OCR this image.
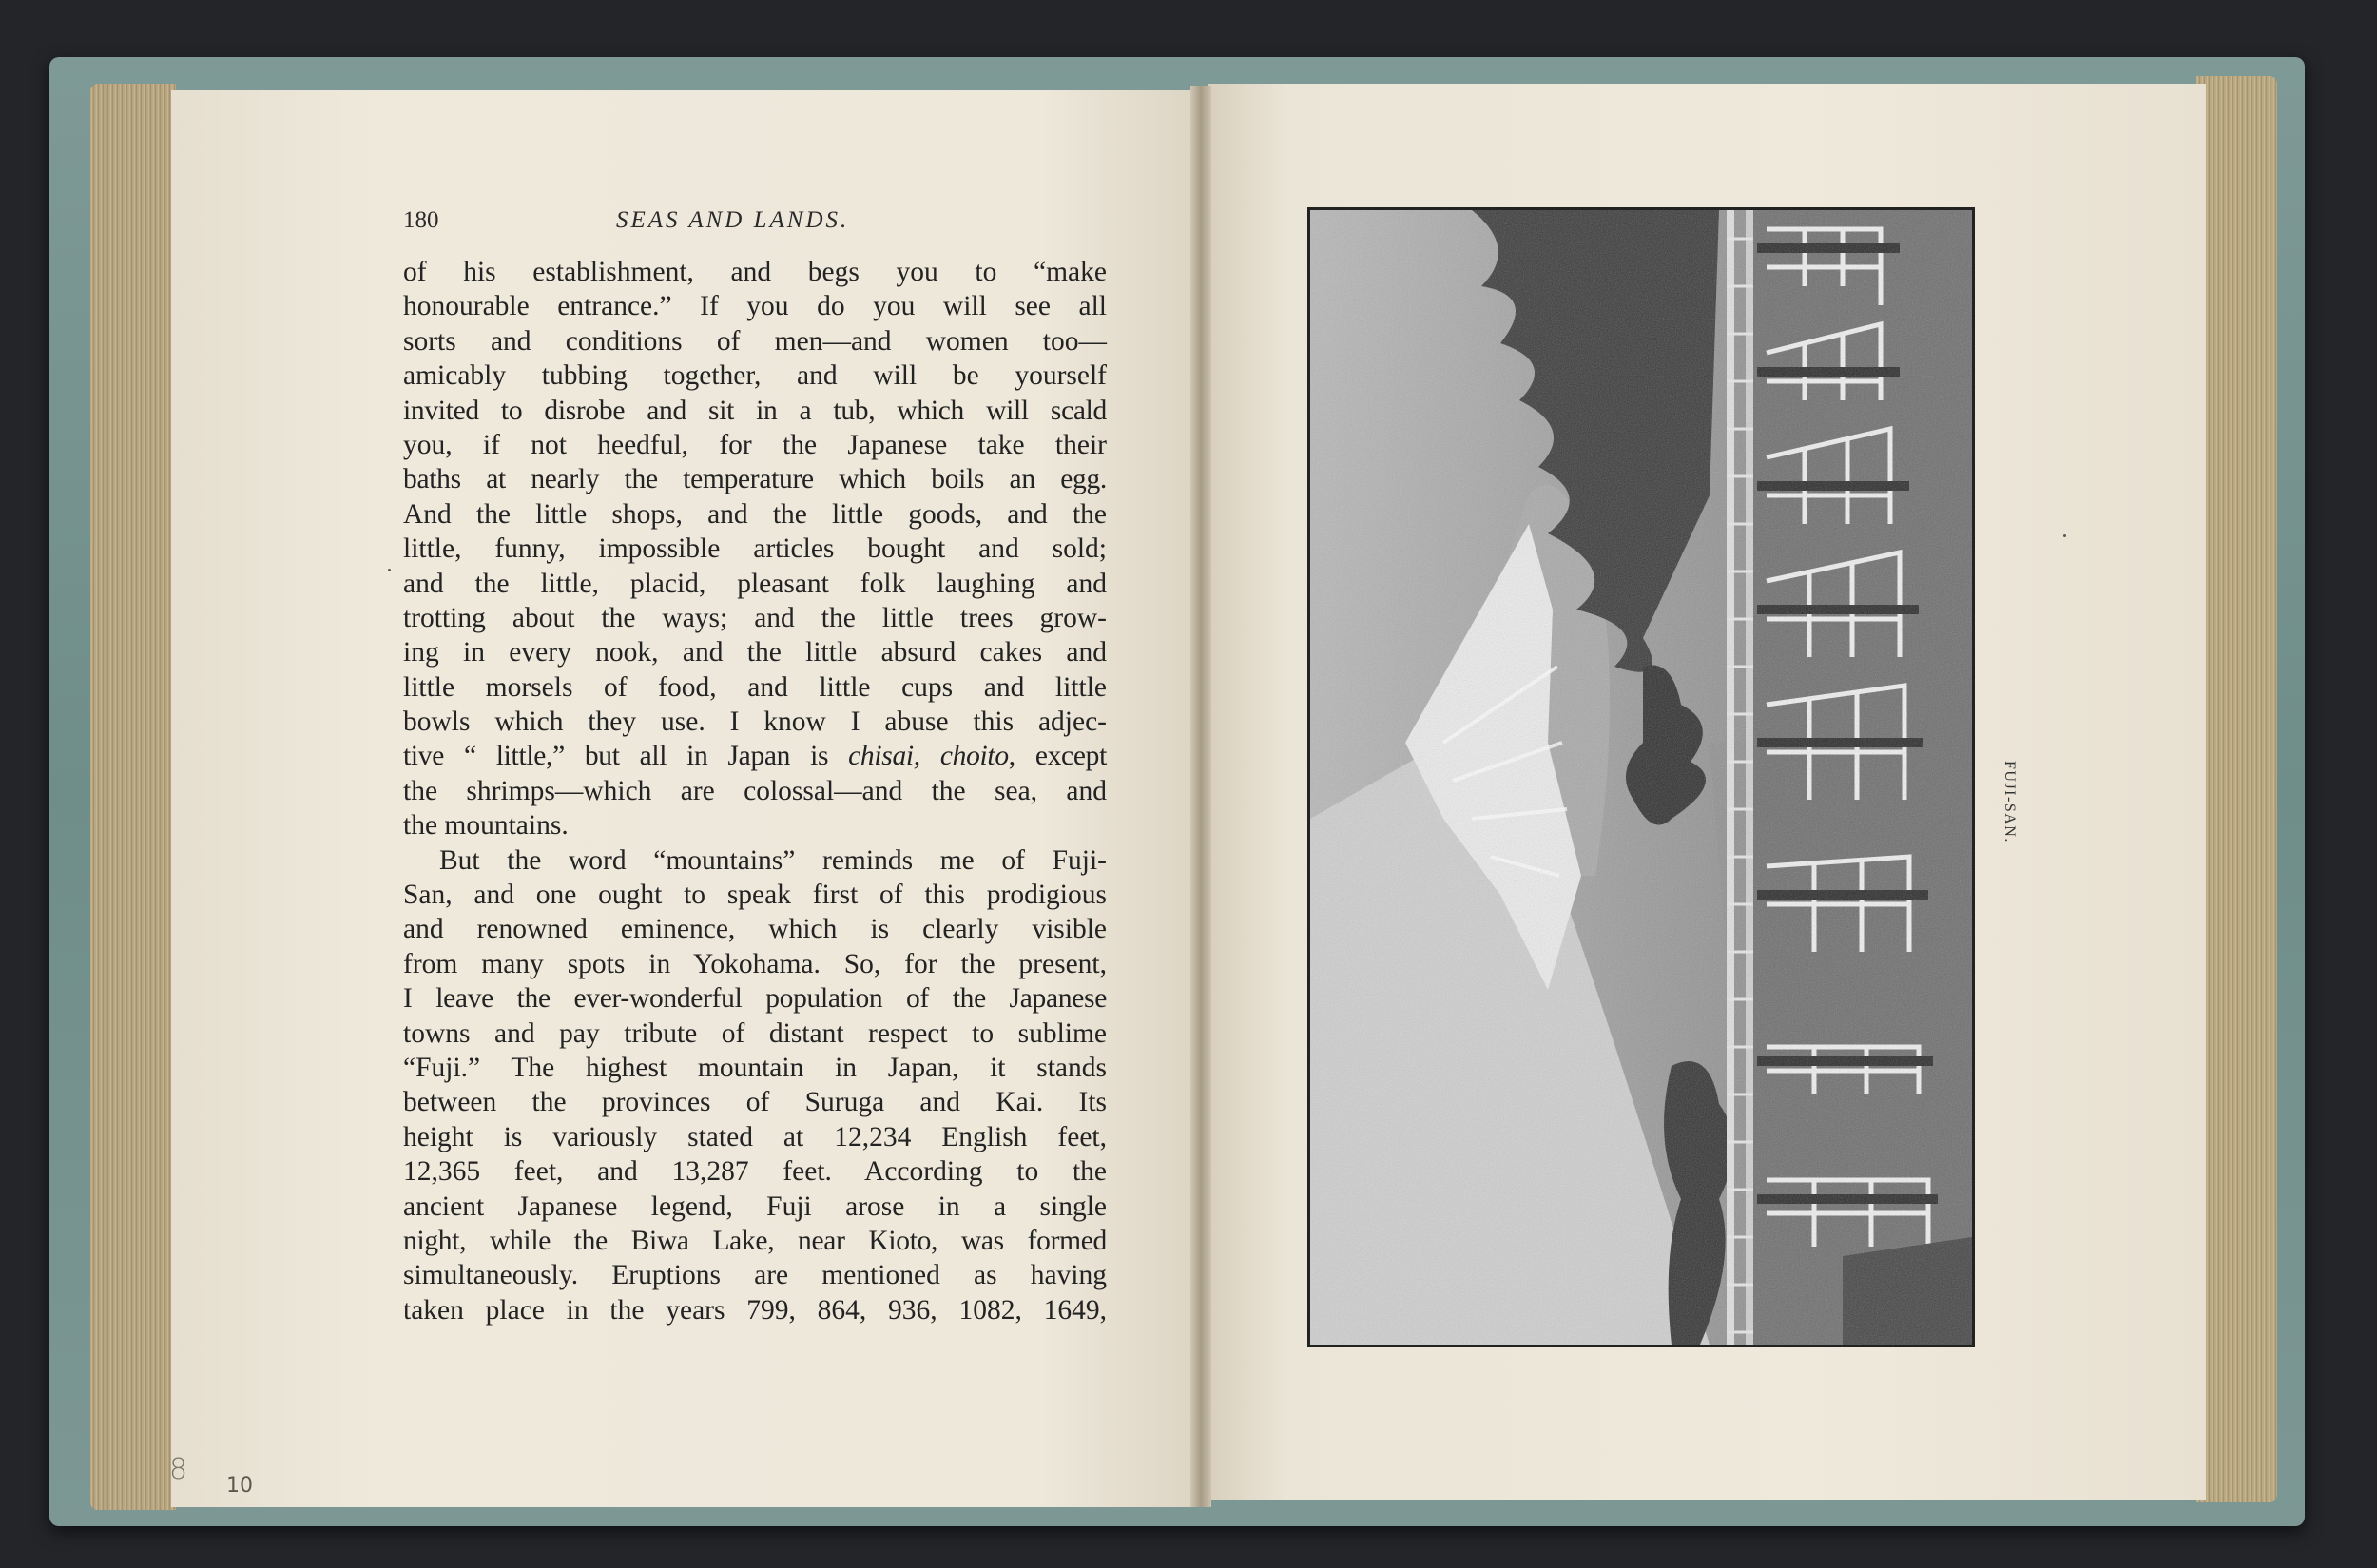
180	SEAS AND LANDS.
of his establishment, and begs you to “make
honourable entrance.” If you do you will see all
sorts and conditions of men—and women too—
amicably tubbing together, and will be yourself
invited to disrobe and sit in a tub, which will scald
you, if not heedful, for the Japanese take their
baths at nearly the temperature which boils an egg.
And the little shops, and the little goods, and the
little, funny, impossible articles bought and sold;
and the little, placid, pleasant folk laughing and
trotting about the ways; and the little trees grow-
ing in every nook, and the little absurd cakes and
little morsels of food, and little cups and little
bowls which they use. I know I abuse this adjec-
tive “ little,” but all in Japan is chisai, choito, except
the shrimps—which are colossal—and the sea, and
the mountains.
But the word “mountains” reminds me of Fuji-
San, and one ought to speak first of this prodigious
and renowned eminence, which is clearly visible
from many spots in Yokohama. So, for the present,
I leave the ever-wonderful population of the Japanese
towns and pay tribute of distant respect to sublime
“Fuji.” The highest mountain in Japan, it stands
between the provinces of Suruga and Kai. Its
height is variously stated at 12,234 English feet,
12,365 feet, and 13,287 feet. According to the
ancient Japanese legend, Fuji arose in a single
night, while the Biwa Lake, near Kioto, was formed
simultaneously. Eruptions are mentioned as having
taken place in the years 799, 864, 936, 1082, 1649,
8 10
FUJI-SAN.
